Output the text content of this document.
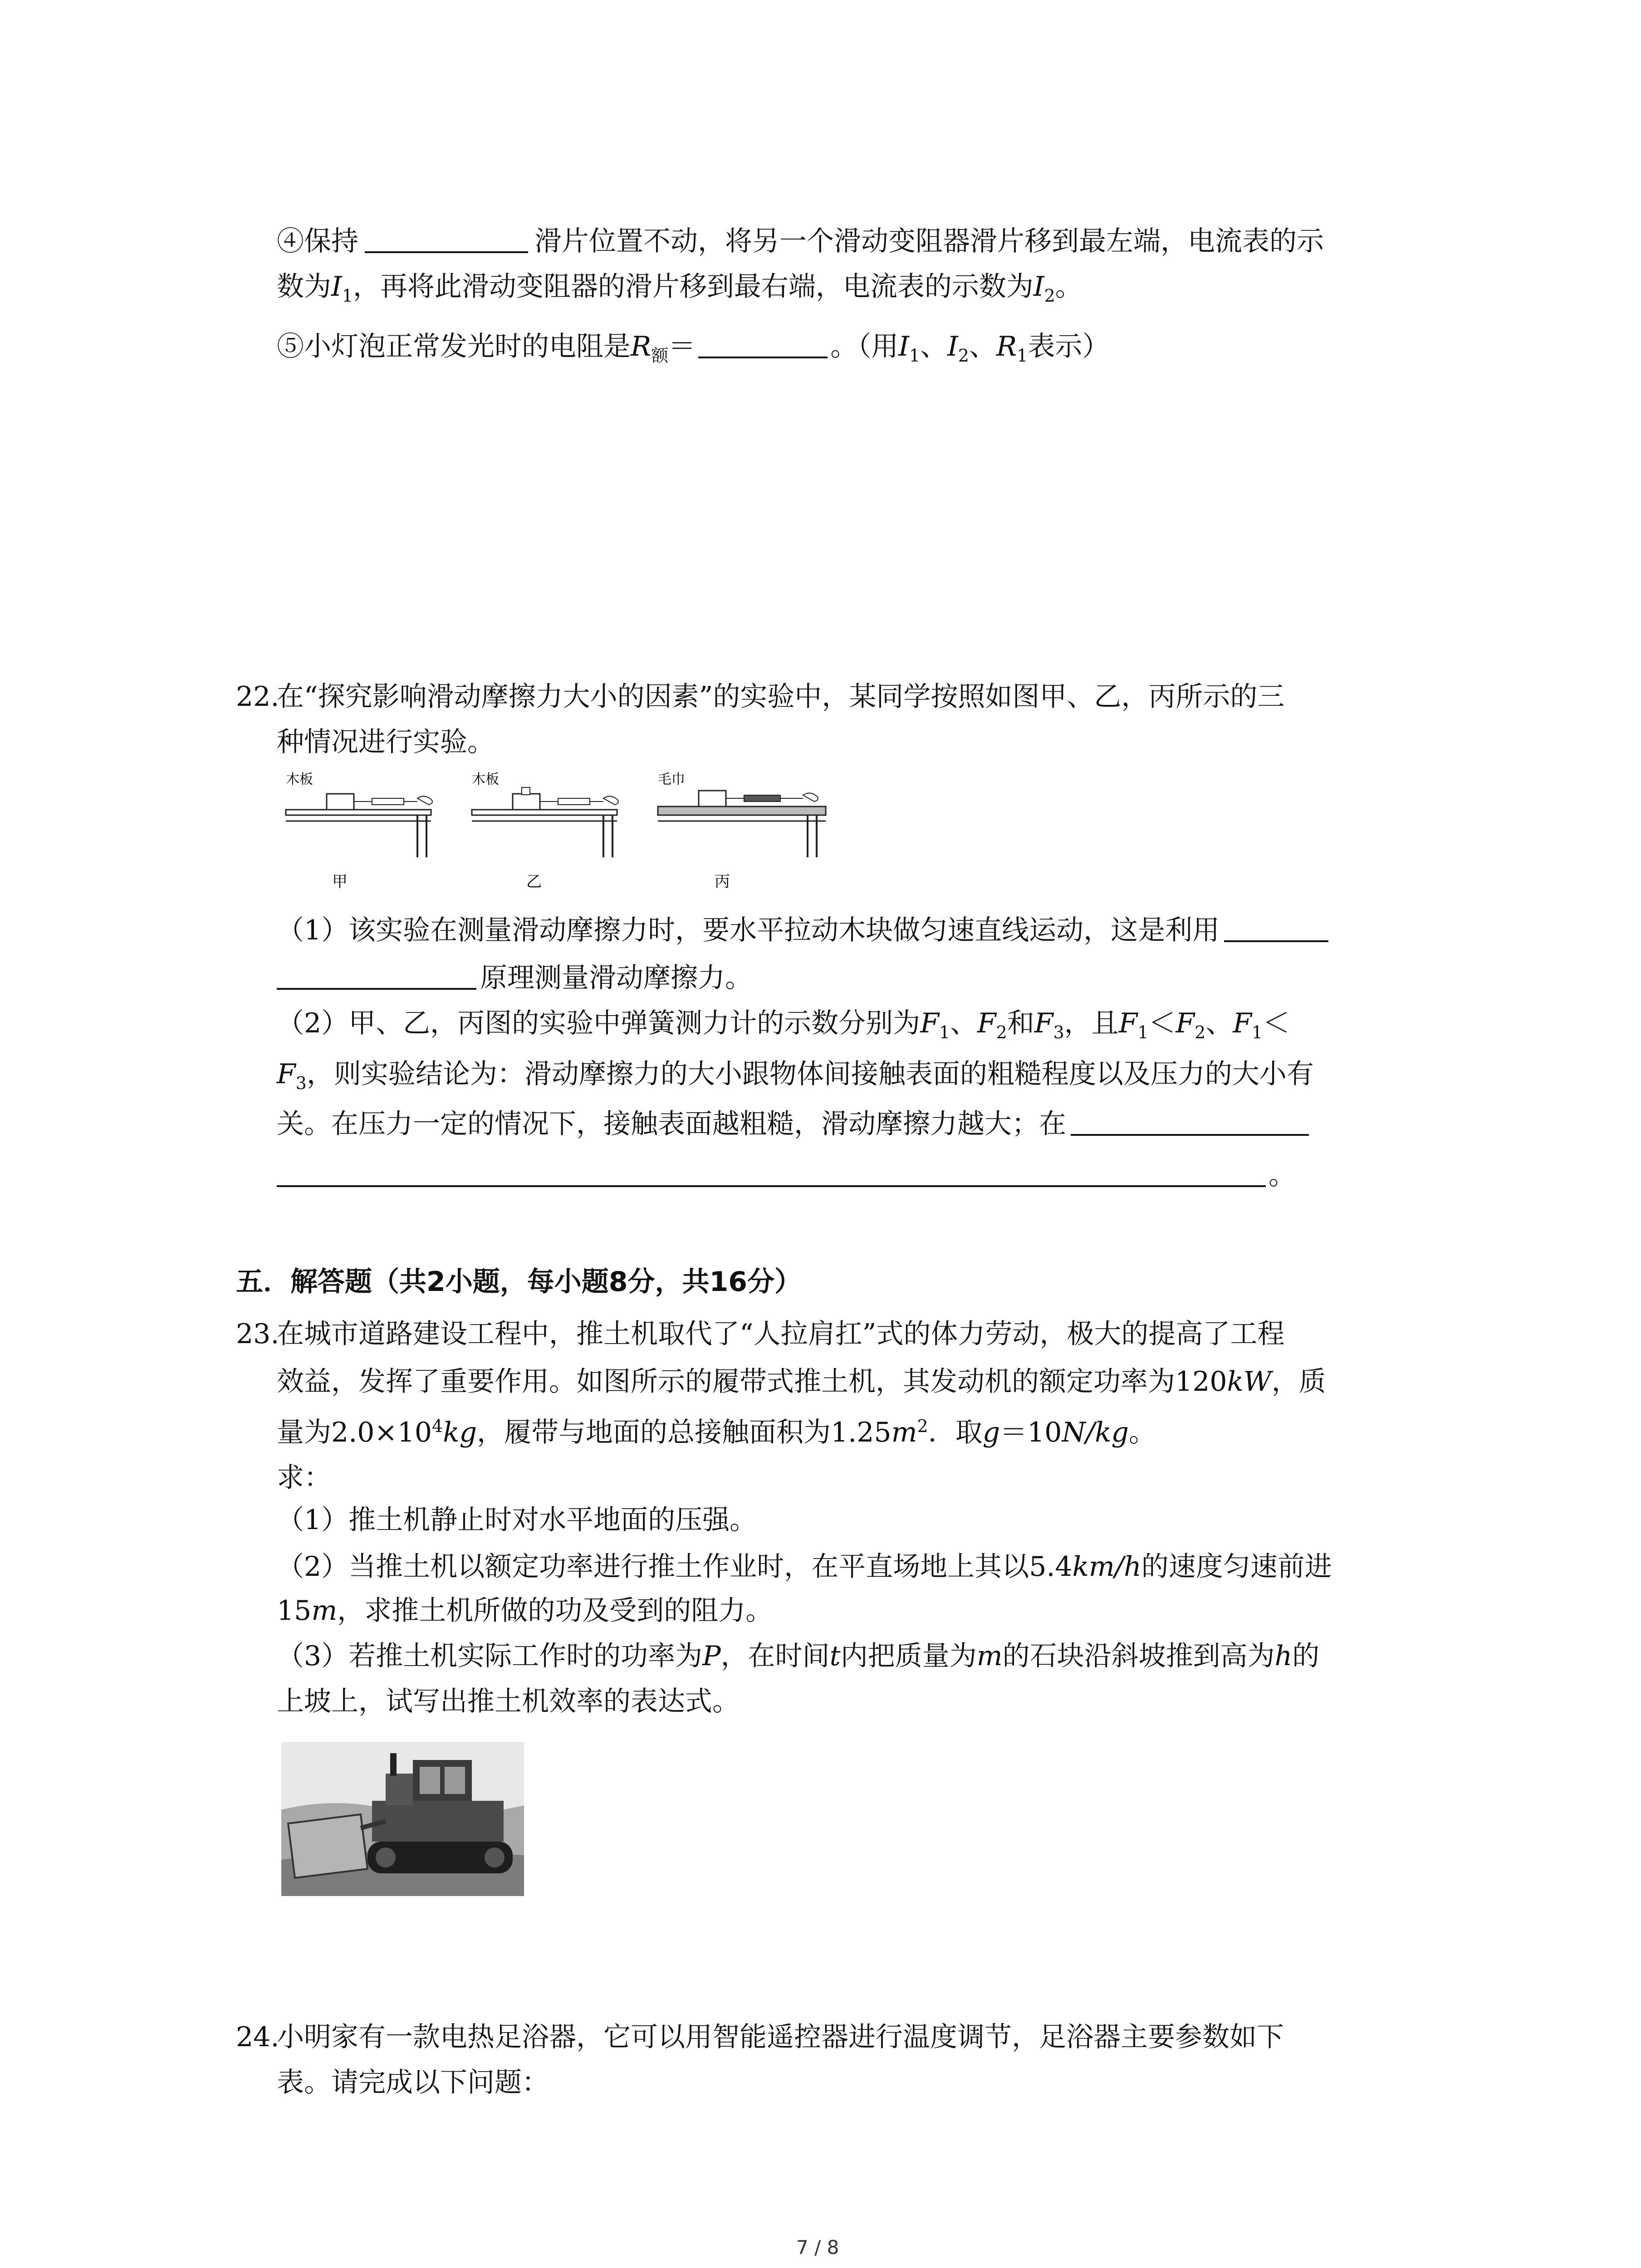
④保持	滑片位置不动，将另一个滑动变阻器滑片移到最左端，电流表的示
数为$I_1$，再将此滑动变阻器的滑片移到最右端，电流表的示数为$I_2$。
⑤小灯泡正常发光时的电阻是$R_额=$	。（用$I_1$、$I_2$、$R_1$表示）
22.
在“探究影响滑动摩擦力大小的因素”的实验中，某同学按照如图甲、乙，丙所示的三
种情况进行实验。
木板	木板	毛巾
甲	乙	丙
（1）该实验在测量滑动摩擦力时，要水平拉动木块做匀速直线运动，这是利用
原理测量滑动摩擦力。
（2）甲、乙，丙图的实验中弹簧测力计的示数分别为$F_1$、$F_2$和$F_3$，且$F_1<F_2$、$F_1<$
$F_3$，则实验结论为：滑动摩擦力的大小跟物体间接触表面的粗糙程度以及压力的大小有
关。在压力一定的情况下，接触表面越粗糙，滑动摩擦力越大；在
。
五．解答题（共2小题，每小题8分，共16分）
23.
在城市道路建设工程中，推土机取代了“人拉肩扛”式的体力劳动，极大的提高了工程
效益，发挥了重要作用。如图所示的履带式推土机，其发动机的额定功率为120kW，质
量为$2.0\times 10^4kg$，履带与地面的总接触面积为$1.25m^2$．取g＝10N/kg。
求：
（1）推土机静止时对水平地面的压强。
（2）当推土机以额定功率进行推土作业时，在平直场地上其以5.4km/h的速度匀速前进
15m，求推土机所做的功及受到的阻力。
（3）若推土机实际工作时的功率为P，在时间t内把质量为m的石块沿斜坡推到高为h的
上坡上，试写出推土机效率的表达式。
24.
小明家有一款电热足浴器，它可以用智能遥控器进行温度调节，足浴器主要参数如下
表。请完成以下问题：
7 / 8
